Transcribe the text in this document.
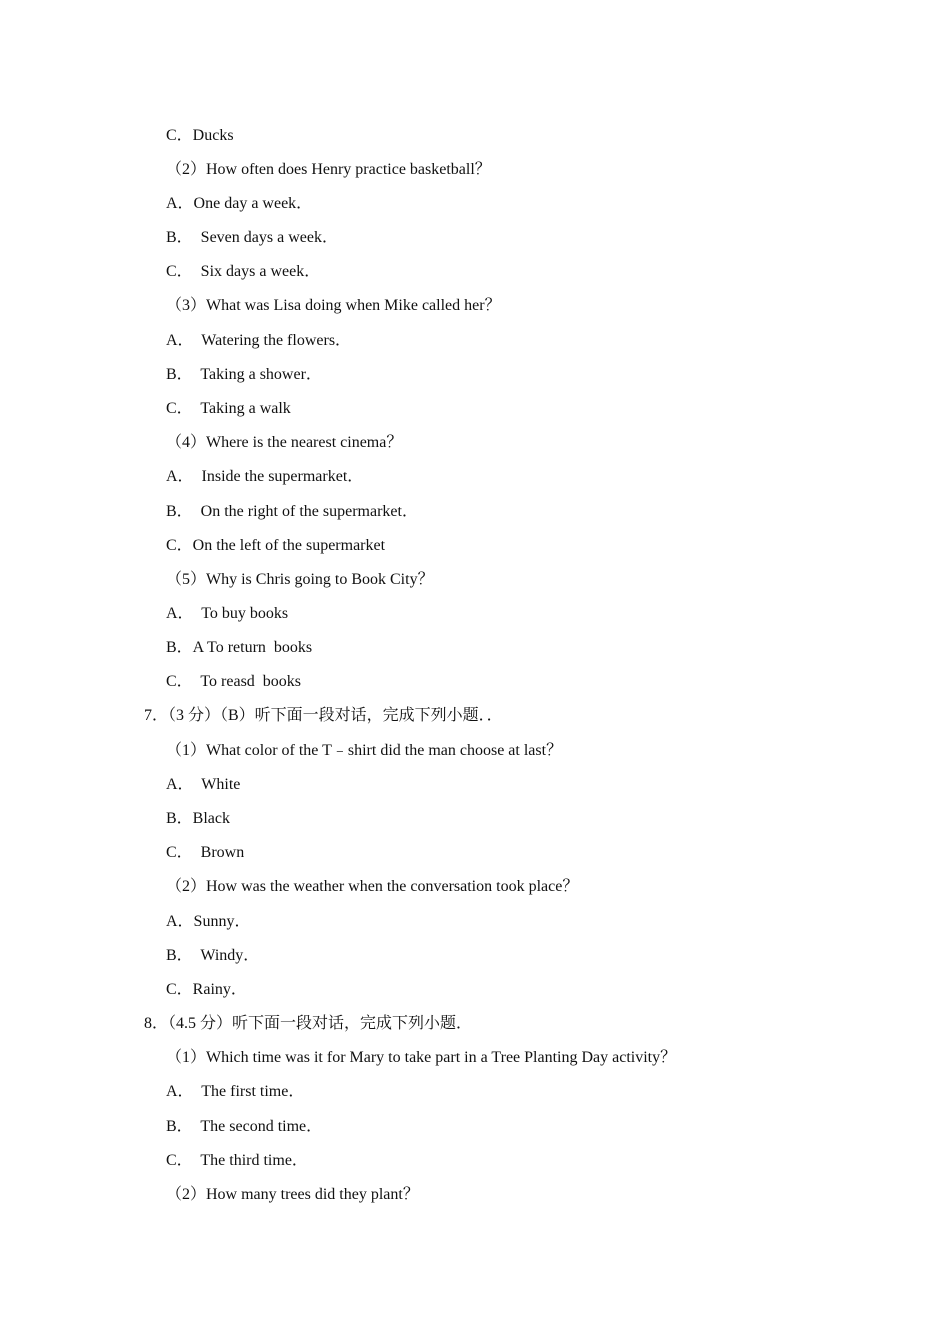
C．Ducks
（2）How often does Henry practice basketball？
A．One day a week．
B．  Seven days a week．
C．  Six days a week．
（3）What was Lisa doing when Mike called her？
A．  Watering the flowers．
B．  Taking a shower．
C．  Taking a walk
（4）Where is the nearest cinema？
A．  Inside the supermarket．
B．  On the right of the supermarket．
C．On the left of the supermarket
（5）Why is Chris going to Book City？
A．  To buy books
B．A To return  books
C．  To reasd  books
7．（3 分）（B）听下面一段对话，完成下列小题．．
（1）What color of the T﹣shirt did the man choose at last？
A．  White
B．Black
C．  Brown
（2）How was the weather when the conversation took place？
A．Sunny．
B．  Windy．
C．Rainy．
8．（4.5 分）听下面一段对话，完成下列小题．
（1）Which time was it for Mary to take part in a Tree Planting Day activity？
A．  The first time．
B．  The second time．
C．  The third time．
（2）How many trees did they plant？
